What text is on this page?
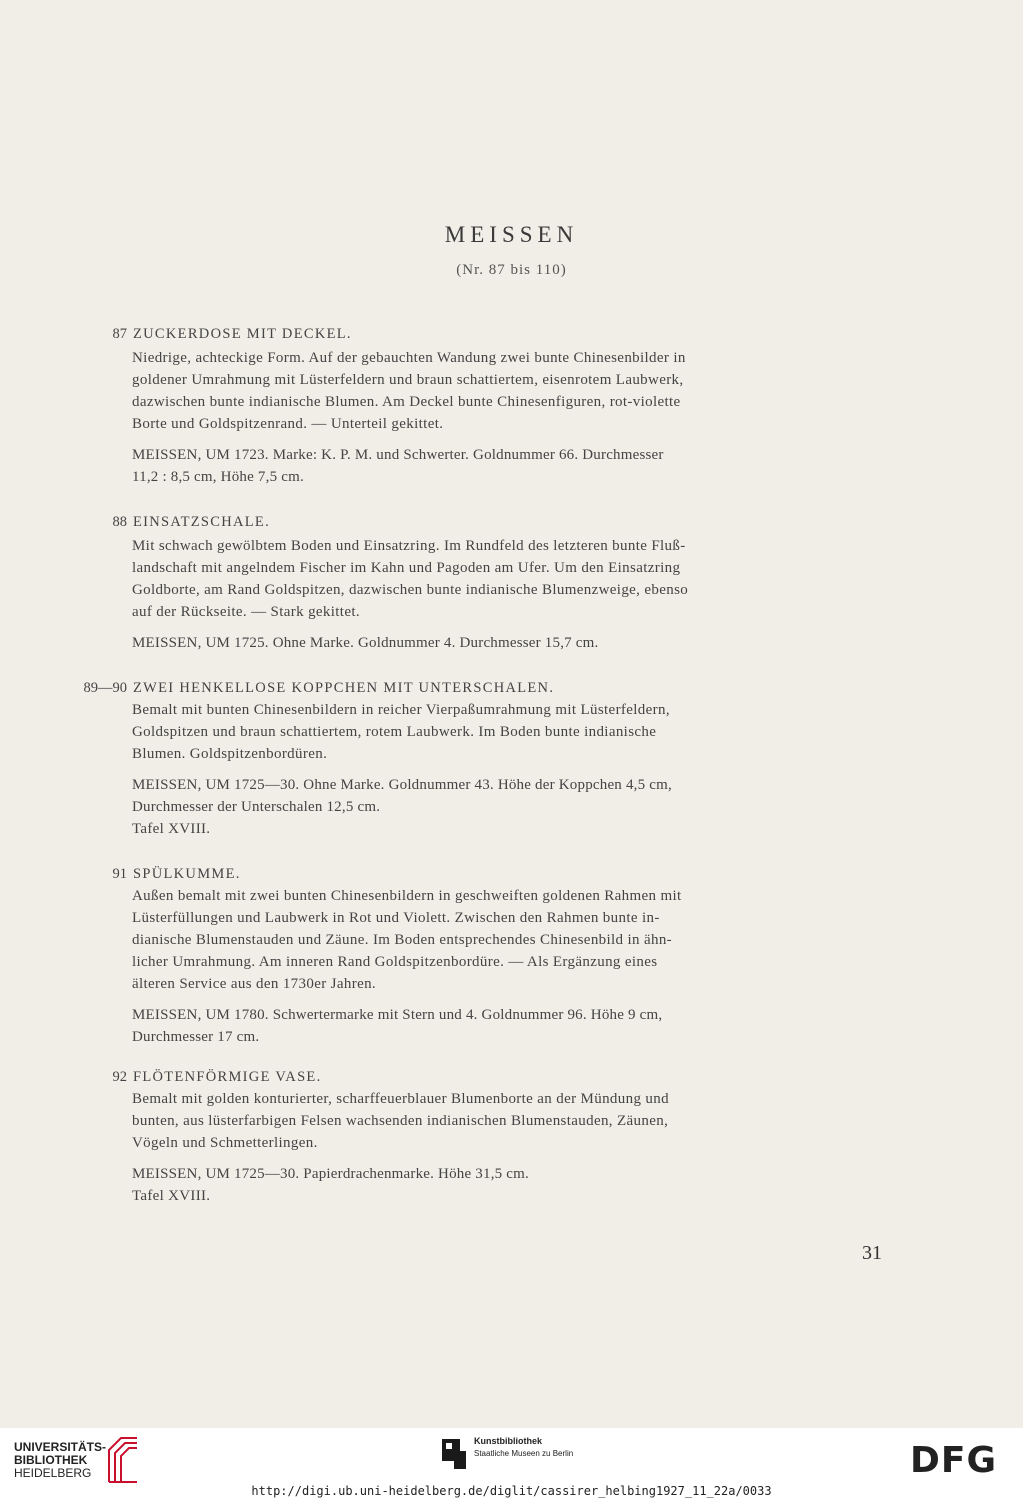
MEISSEN
(Nr. 87 bis 110)
87 ZUCKERDOSE MIT DECKEL.
Niedrige, achteckige Form. Auf der gebauchten Wandung zwei bunte Chinesenbilder in
goldener Umrahmung mit Lüsterfeldern und braun schattiertem, eisenrotem Laubwerk,
dazwischen bunte indianische Blumen. Am Deckel bunte Chinesenfiguren, rot-violette
Borte und Goldspitzenrand. — Unterteil gekittet.
MEISSEN, UM 1723. Marke: K. P. M. und Schwerter. Goldnummer 66. Durchmesser
11,2 : 8,5 cm, Höhe 7,5 cm.
88 EINSATZSCHALE.
Mit schwach gewölbtem Boden und Einsatzring. Im Rundfeld des letzteren bunte Fluß-
landschaft mit angelndem Fischer im Kahn und Pagoden am Ufer. Um den Einsatzring
Goldborte, am Rand Goldspitzen, dazwischen bunte indianische Blumenzweige, ebenso
auf der Rückseite. — Stark gekittet.
MEISSEN, UM 1725. Ohne Marke. Goldnummer 4. Durchmesser 15,7 cm.
89—90 ZWEI HENKELLOSE KOPPCHEN MIT UNTERSCHALEN.
Bemalt mit bunten Chinesenbildern in reicher Vierpaßumrahmung mit Lüsterfeldern,
Goldspitzen und braun schattiertem, rotem Laubwerk. Im Boden bunte indianische
Blumen. Goldspitzenbordüren.
MEISSEN, UM 1725—30. Ohne Marke. Goldnummer 43. Höhe der Koppchen 4,5 cm,
Durchmesser der Unterschalen 12,5 cm.
Tafel XVIII.
91 SPÜLKUMME.
Außen bemalt mit zwei bunten Chinesenbildern in geschweiften goldenen Rahmen mit
Lüsterfüllungen und Laubwerk in Rot und Violett. Zwischen den Rahmen bunte in-
dianische Blumenstauden und Zäune. Im Boden entsprechendes Chinesenbild in ähn-
licher Umrahmung. Am inneren Rand Goldspitzenbordüre. — Als Ergänzung eines
älteren Service aus den 1730er Jahren.
MEISSEN, UM 1780. Schwertermarke mit Stern und 4. Goldnummer 96. Höhe 9 cm,
Durchmesser 17 cm.
92 FLÖTENFÖRMIGE VASE.
Bemalt mit golden konturierter, scharffeuerblauer Blumenborte an der Mündung und
bunten, aus lüsterfarbigen Felsen wachsenden indianischen Blumenstauden, Zäunen,
Vögeln und Schmetterlingen.
MEISSEN, UM 1725—30. Papierdrachenmarke. Höhe 31,5 cm.
Tafel XVIII.
31
UNIVERSITÄTS-
BIBLIOTHEK
HEIDELBERG
Kunstbibliothek
Staatliche Museen zu Berlin	DFG
http://digi.ub.uni-heidelberg.de/diglit/cassirer_helbing1927_11_22a/0033
